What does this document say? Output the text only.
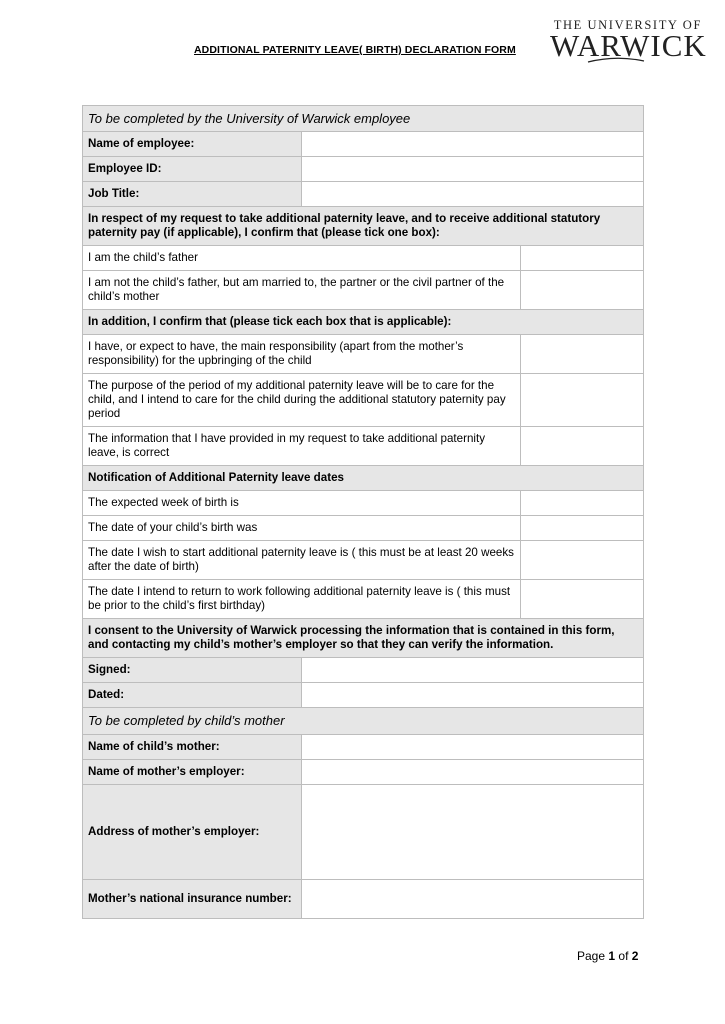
ADDITIONAL PATERNITY LEAVE( BIRTH) DECLARATION FORM
THE UNIVERSITY OF
WARWICK
To be completed by the University of Warwick employee		
Name of employee:		
Employee ID:		
Job Title:		
In respect of my request to take additional paternity leave, and to receive additional statutory paternity pay (if applicable), I confirm that (please tick one box):		
I am the child’s father		
I am not the child’s father, but am married to, the partner or the civil partner of the child’s mother		
In addition, I confirm that (please tick each box that is applicable):		
I have, or expect to have, the main responsibility (apart from the mother’s responsibility) for the upbringing of the child		
The purpose of the period of my additional paternity leave will be to care for the child, and I intend to care for the child during the additional statutory paternity pay period		
The information that I have provided in my request to take additional paternity leave, is correct		
Notification of Additional Paternity leave dates		
The expected week of birth is		
The date of your child’s birth was		
The date I wish to start additional paternity leave is ( this must be at least 20 weeks after the date of birth)		
The date I intend to return to work following additional paternity leave is ( this must be prior to the child’s first birthday)		
I consent to the University of Warwick processing the information that is contained in this form, and contacting my child’s mother’s employer so that they can verify the information.		
Signed:		
Dated:		
To be completed by child’s mother		
Name of child’s mother:		
Name of mother’s employer:		
Address of mother’s employer:		
Mother’s national insurance number:		
Page 1 of 2
